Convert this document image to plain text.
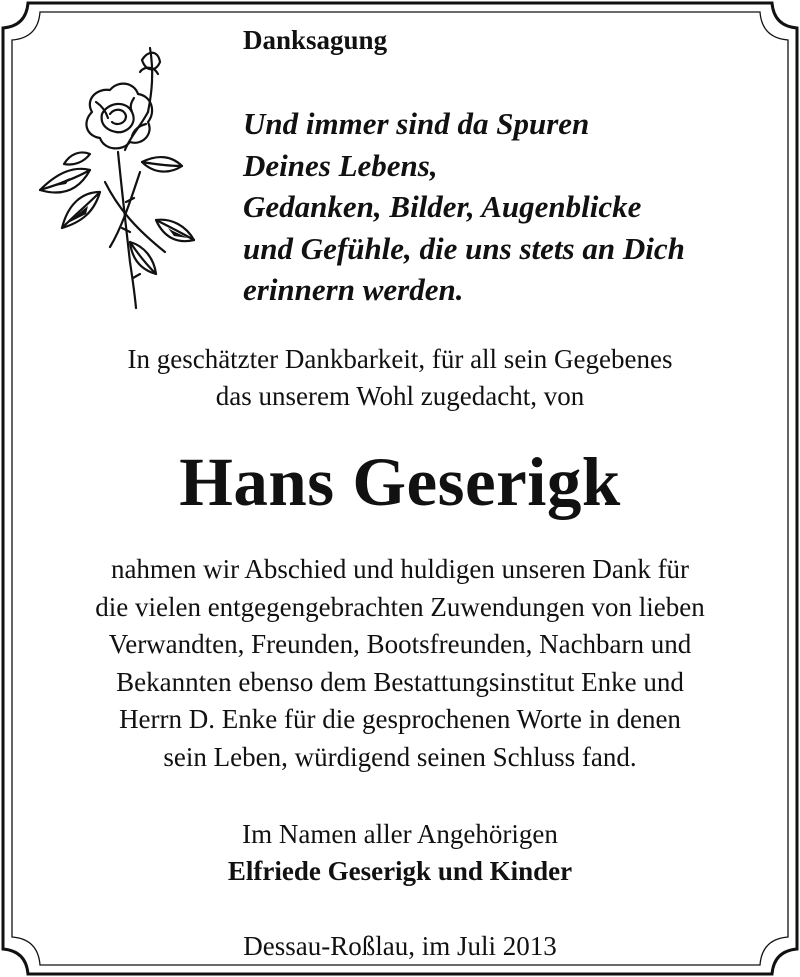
Danksagung

Und immer sind da Spuren
Deines Lebens,
Gedanken, Bilder, Augenblicke
und Gefühle, die uns stets an Dich
erinnern werden.

In geschätzter Dankbarkeit, für all sein Gegebenes
das unserem Wohl zugedacht, von

Hans Geserigk

nahmen wir Abschied und huldigen unseren Dank für
die vielen entgegengebrachten Zuwendungen von lieben
Verwandten, Freunden, Bootsfreunden, Nachbarn und
Bekannten ebenso dem Bestattungsinstitut Enke und
Herrn D. Enke für die gesprochenen Worte in denen
sein Leben, würdigend seinen Schluss fand.

Im Namen aller Angehörigen

Elfriede Geserigk und Kinder

Dessau-Roßlau, im Juli 2013
